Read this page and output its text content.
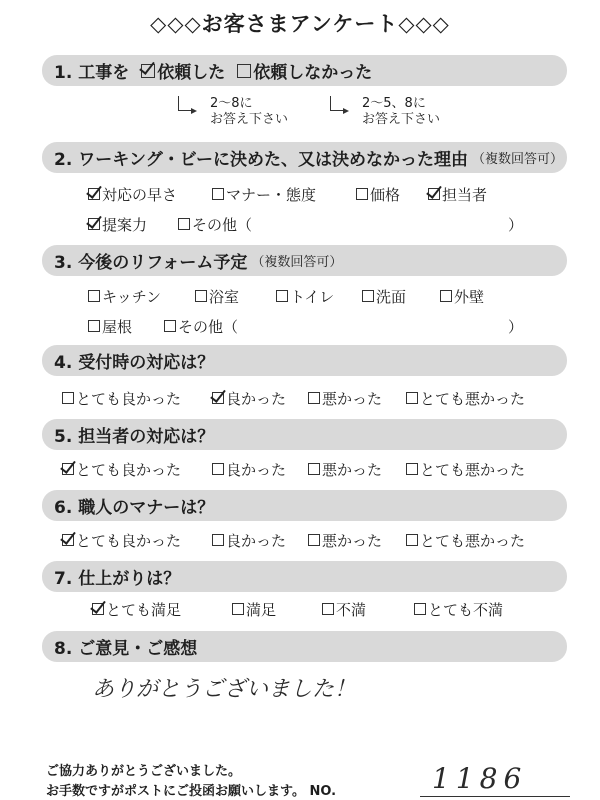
◇◇◇お客さまアンケート◇◇◇
1. 工事を 依頼した 依頼しなかった
2～8に
お答え下さい
2～5、8に
お答え下さい
2. ワーキング・ビーに決めた、又は決めなかった理由 （複数回答可）
対応の早さ	マナー・態度	価格	担当者
提案力	その他（	）
3. 今後のリフォーム予定 （複数回答可）
キッチン	浴室	トイレ	洗面	外壁
屋根	その他（	）
4. 受付時の対応は？
とても良かった	良かった 悪かった	とても悪かった
5. 担当者の対応は？
とても良かった	良かった 悪かった	とても悪かった
6. 職人のマナーは？
とても良かった	良かった 悪かった	とても悪かった
7. 仕上がりは？
とても満足	満足	不満	とても不満
8. ご意見・ご感想
ありがとうございました！
ご協力ありがとうございました。
お手数ですがポストにご投函お願いします。 NO.	1186
